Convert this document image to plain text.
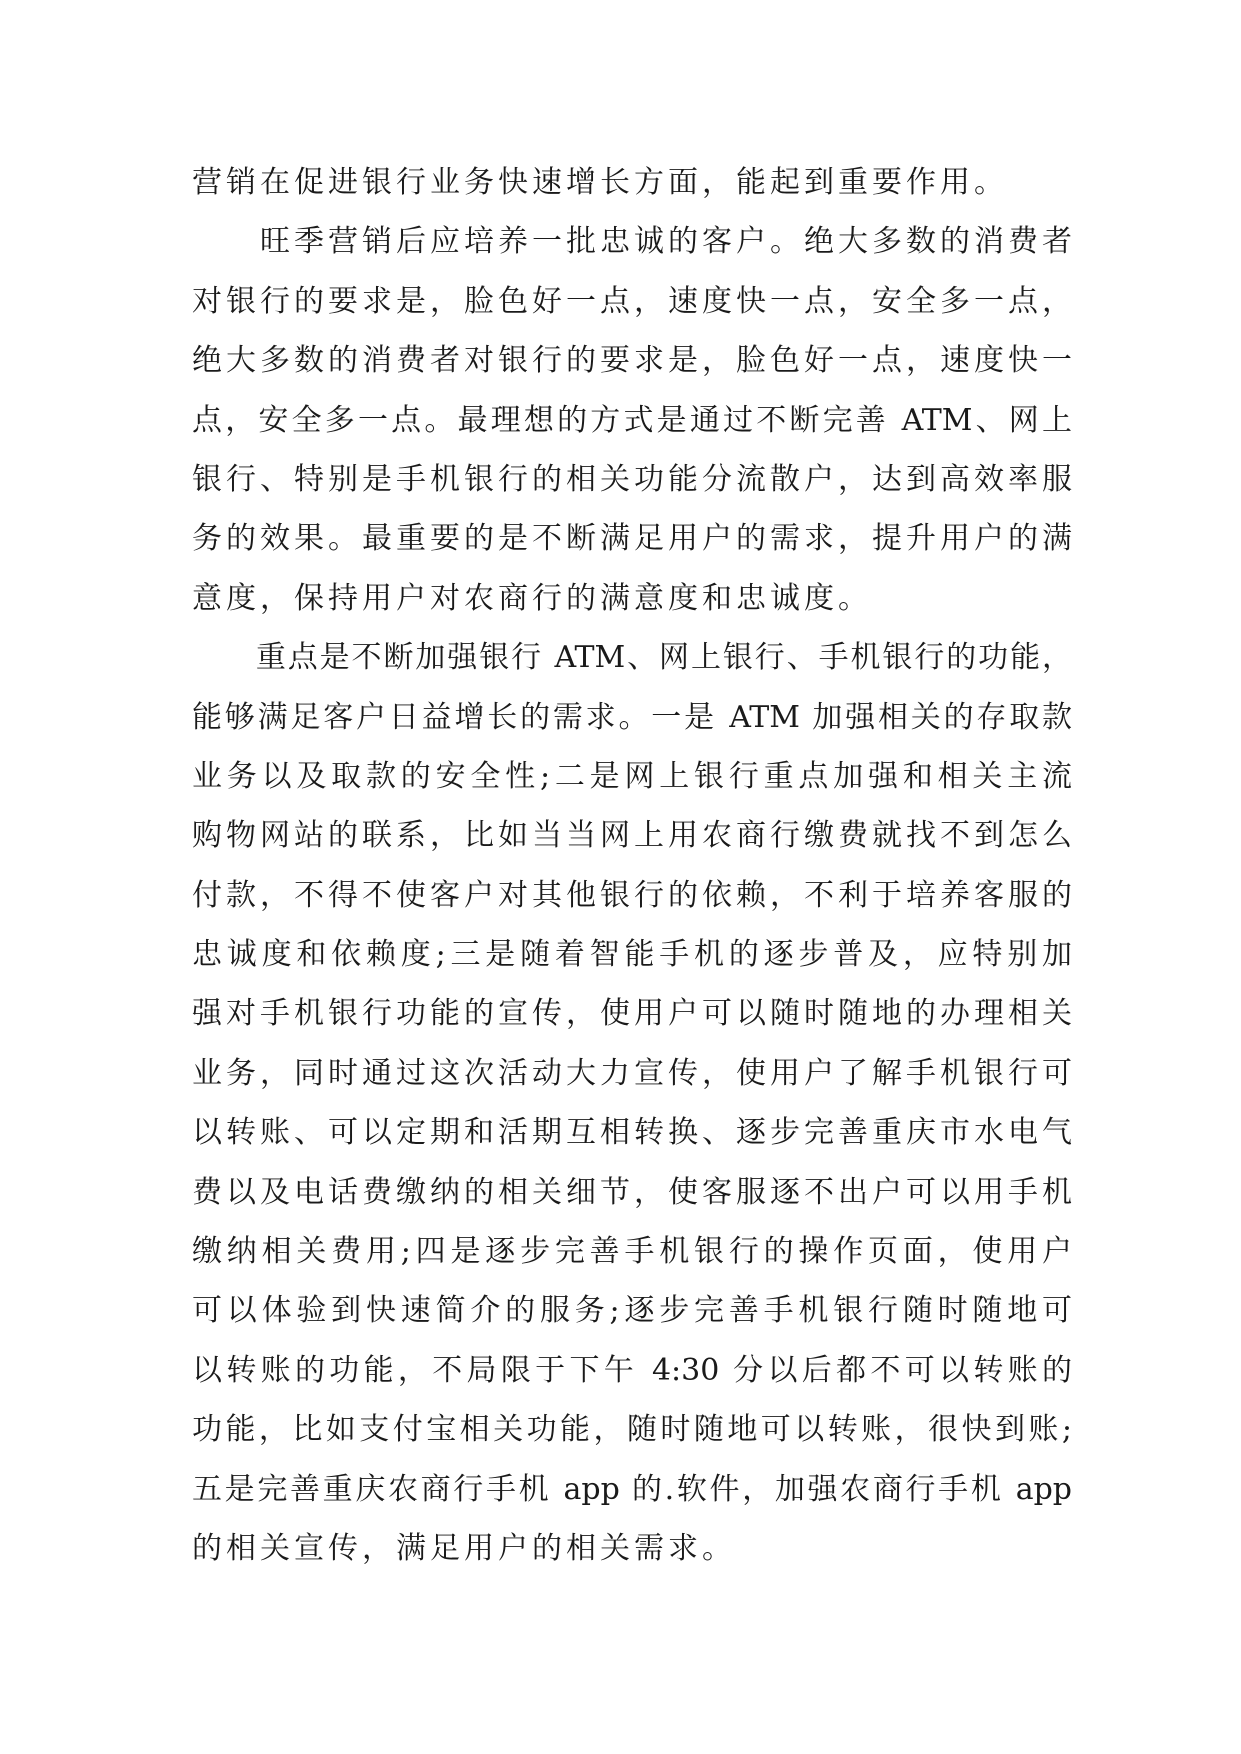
营销在促进银行业务快速增长方面，能起到重要作用。
　　旺季营销后应培养一批忠诚的客户。绝大多数的消费者
对银行的要求是，脸色好一点，速度快一点，安全多一点，
绝大多数的消费者对银行的要求是，脸色好一点，速度快一
点，安全多一点。最理想的方式是通过不断完善 ATM、网上
银行、特别是手机银行的相关功能分流散户，达到高效率服
务的效果。最重要的是不断满足用户的需求，提升用户的满
意度，保持用户对农商行的满意度和忠诚度。
　　重点是不断加强银行 ATM、网上银行、手机银行的功能，
能够满足客户日益增长的需求。一是 ATM 加强相关的存取款
业务以及取款的安全性;二是网上银行重点加强和相关主流
购物网站的联系，比如当当网上用农商行缴费就找不到怎么
付款，不得不使客户对其他银行的依赖，不利于培养客服的
忠诚度和依赖度;三是随着智能手机的逐步普及，应特别加
强对手机银行功能的宣传，使用户可以随时随地的办理相关
业务，同时通过这次活动大力宣传，使用户了解手机银行可
以转账、可以定期和活期互相转换、逐步完善重庆市水电气
费以及电话费缴纳的相关细节，使客服逐不出户可以用手机
缴纳相关费用;四是逐步完善手机银行的操作页面，使用户
可以体验到快速简介的服务;逐步完善手机银行随时随地可
以转账的功能，不局限于下午 4:30 分以后都不可以转账的
功能，比如支付宝相关功能，随时随地可以转账，很快到账;
五是完善重庆农商行手机 app 的.软件，加强农商行手机 app
的相关宣传，满足用户的相关需求。
